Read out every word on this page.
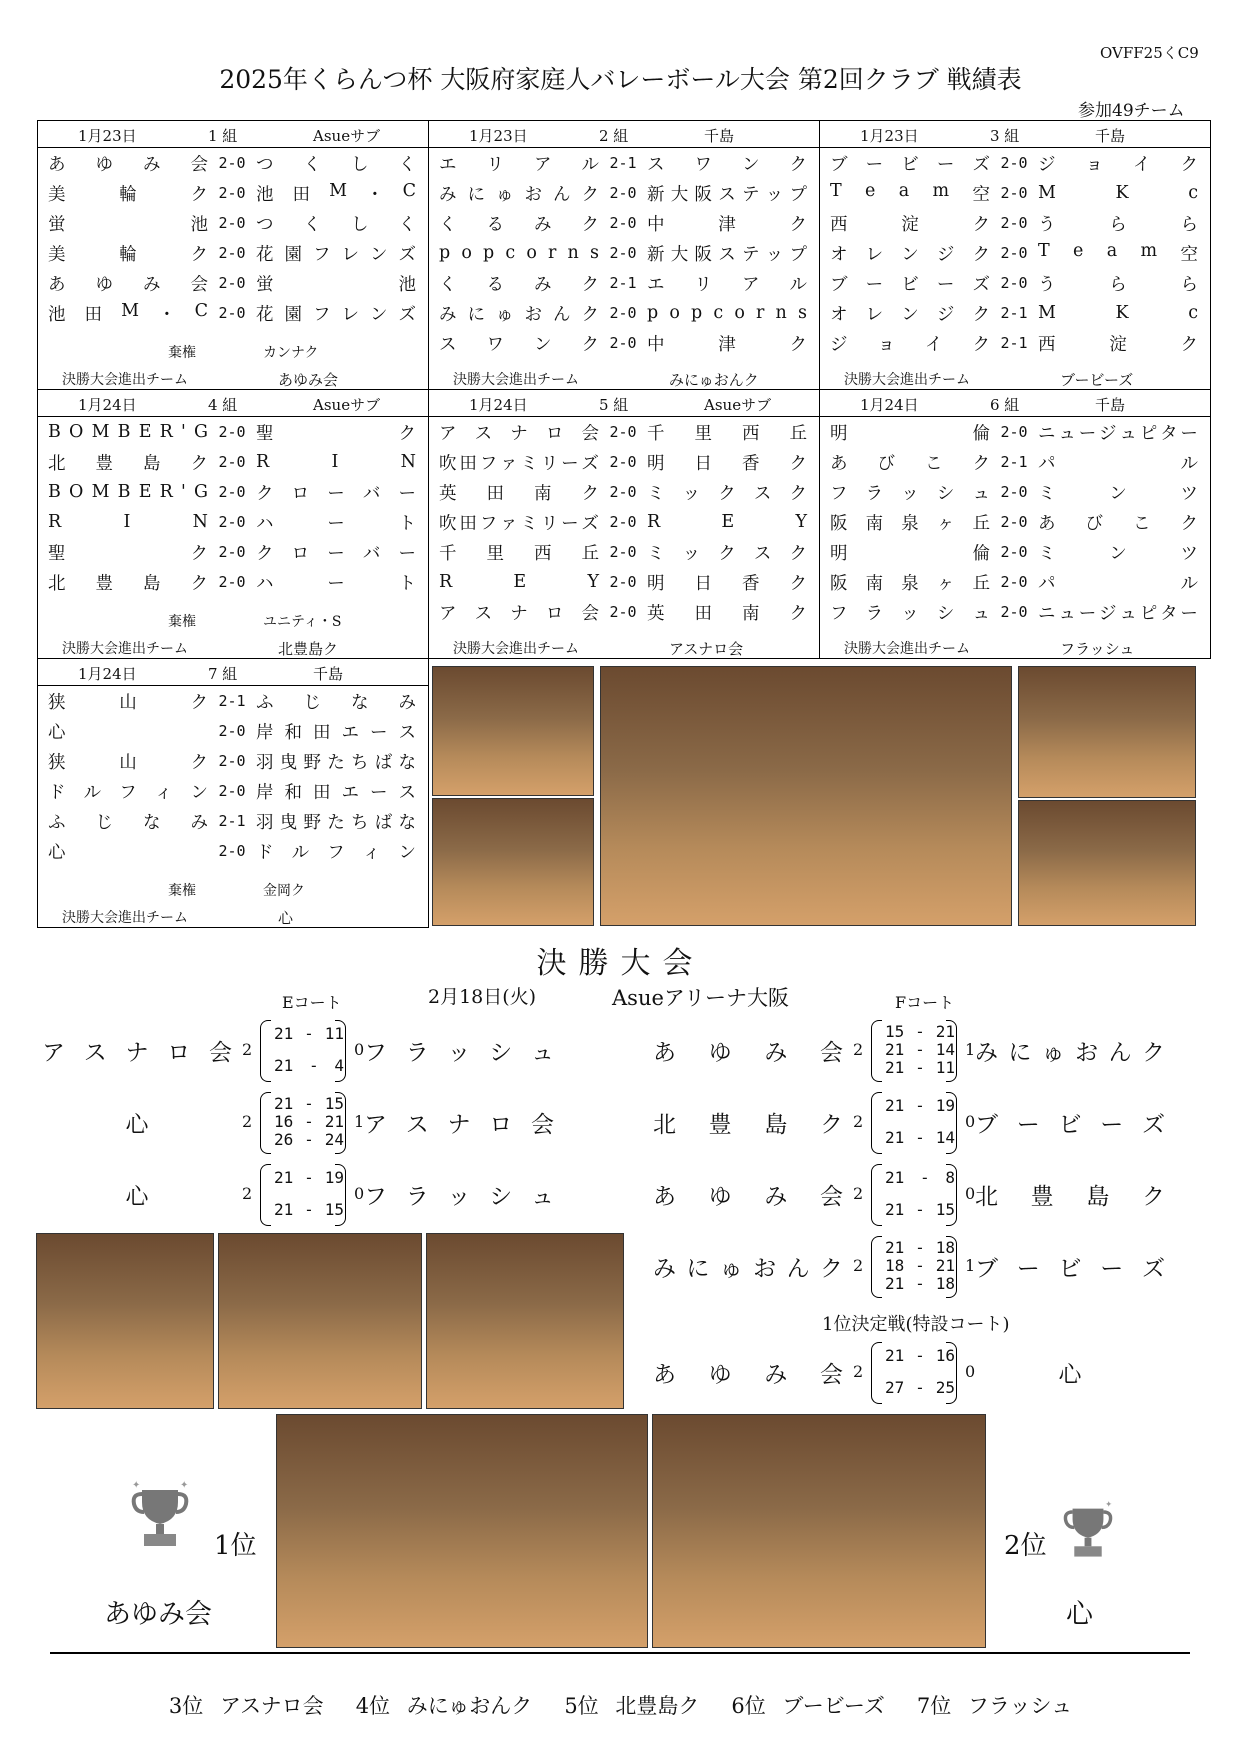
OVFF25くC9
2025年くらんつ杯 大阪府家庭人バレーボール大会 第2回クラブ 戦績表
参加49チーム
1月23日	1 組	Asueサブ
あ ゆ み 会 2-0 つ く し く
美	輪	ク 2-0 池 田 M ・ C
蛍	池 2-0 つ く し く
美	輪	ク 2-0 花 園 フ レ ン ズ
あ ゆ み 会 2-0 蛍	池
池 田 M ・ C 2-0 花 園 フ レ ン ズ
棄権	カンナク
決勝大会進出チーム	あゆみ会

1月23日	2 組	千島
エ リ ア ル 2-1 ス ワ ン ク
み に ゅ お ん ク 2-0 新 大 阪 ス テ ッ プ
く る み ク 2-0 中	津	ク
p o p c o r n s 2-0 新 大 阪 ス テ ッ プ
く る み ク 2-1 エ リ ア ル
み に ゅ お ん ク 2-0 p o p c o r n s
ス ワ ン ク 2-0 中	津	ク
決勝大会進出チーム	みにゅおんク

1月23日	3 組	千島
ブ ー ビ ー ズ 2-0 ジ ョ イ ク
T e a m 空 2-0 M	K	c
西	淀	ク 2-0 う	ら	ら
オ レ ン ジ ク 2-0 T e a m 空
ブ ー ビ ー ズ 2-0 う	ら	ら
オ レ ン ジ ク 2-1 M	K	c
ジ ョ イ ク 2-1 西	淀	ク
決勝大会進出チーム	ブービーズ
1月24日	4 組	Asueサブ
B O M B E R ' G 2-0 聖	ク
北 豊 島 ク 2-0 R	I	N
B O M B E R ' G 2-0 ク ロ ー バ ー
R	I	N 2-0 ハ	ー	ト
聖	ク 2-0 ク ロ ー バ ー
北 豊 島 ク 2-0 ハ	ー	ト
棄権	ユニティ・S
決勝大会進出チーム	北豊島ク

1月24日	5 組	Asueサブ
ア ス ナ ロ 会 2-0 千 里 西 丘
吹 田 フ ァ ミ リ ー ズ 2-0 明 日 香 ク
英 田 南 ク 2-0 ミ ッ ク ス ク
吹 田 フ ァ ミ リ ー ズ 2-0 R	E	Y
千 里 西 丘 2-0 ミ ッ ク ス ク
R	E	Y 2-0 明 日 香 ク
ア ス ナ ロ 会 2-0 英 田 南 ク
決勝大会進出チーム	アスナロ会

1月24日	6 組	千島
明	倫 2-0 ニ ュ ー ジ ュ ピ タ ー
あ び こ ク 2-1 パ	ル
フ ラ ッ シ ュ 2-0 ミ	ン	ツ
阪 南 泉 ヶ 丘 2-0 あ び こ ク
明	倫 2-0 ミ	ン	ツ
阪 南 泉 ヶ 丘 2-0 パ	ル
フ ラ ッ シ ュ 2-0 ニ ュ ー ジ ュ ピ タ ー
決勝大会進出チーム	フラッシュ
1月24日	7 組	千島
狭	山	ク 2-1 ふ じ な み
心	2-0 岸 和 田 エ ー ス
狭	山	ク 2-0 羽 曳 野 た ち ば な
ド ル フ ィ ン 2-0 岸 和 田 エ ー ス
ふ じ な み 2-1 羽 曳 野 た ち ば な
心	2-0 ド ル フ ィ ン
棄権	金岡ク
決勝大会進出チーム	心
決勝大会
2月18日(火)	Asueアリーナ大阪
Eコート	Fコート
ア ス ナ ロ 会 2
21 - 11
21 - 4
0 フ ラ ッ シ ュ
心	2
21 - 15
16 - 21
26 - 24
1 ア ス ナ ロ 会
心	2
21 - 19
21 - 15
0 フ ラ ッ シ ュ
あ ゆ み 会 2
15 - 21
21 - 14
21 - 11
1 み に ゅ お ん ク
北 豊 島 ク 2
21 - 19
21 - 14
0 ブ ー ビ ー ズ
あ ゆ み 会 2
21 - 8
21 - 15
0 北 豊 島 ク
み に ゅ お ん ク 2
21 - 18
18 - 21
21 - 18
1 ブ ー ビ ー ズ
1位決定戦(特設コート)
あ ゆ み 会 2
21 - 16
27 - 25
0	心
✦	✦
1位
あゆみ会
✦
2位
心
3位 アスナロ会 4位 みにゅおんク 5位 北豊島ク 6位 ブービーズ 7位 フラッシュ
